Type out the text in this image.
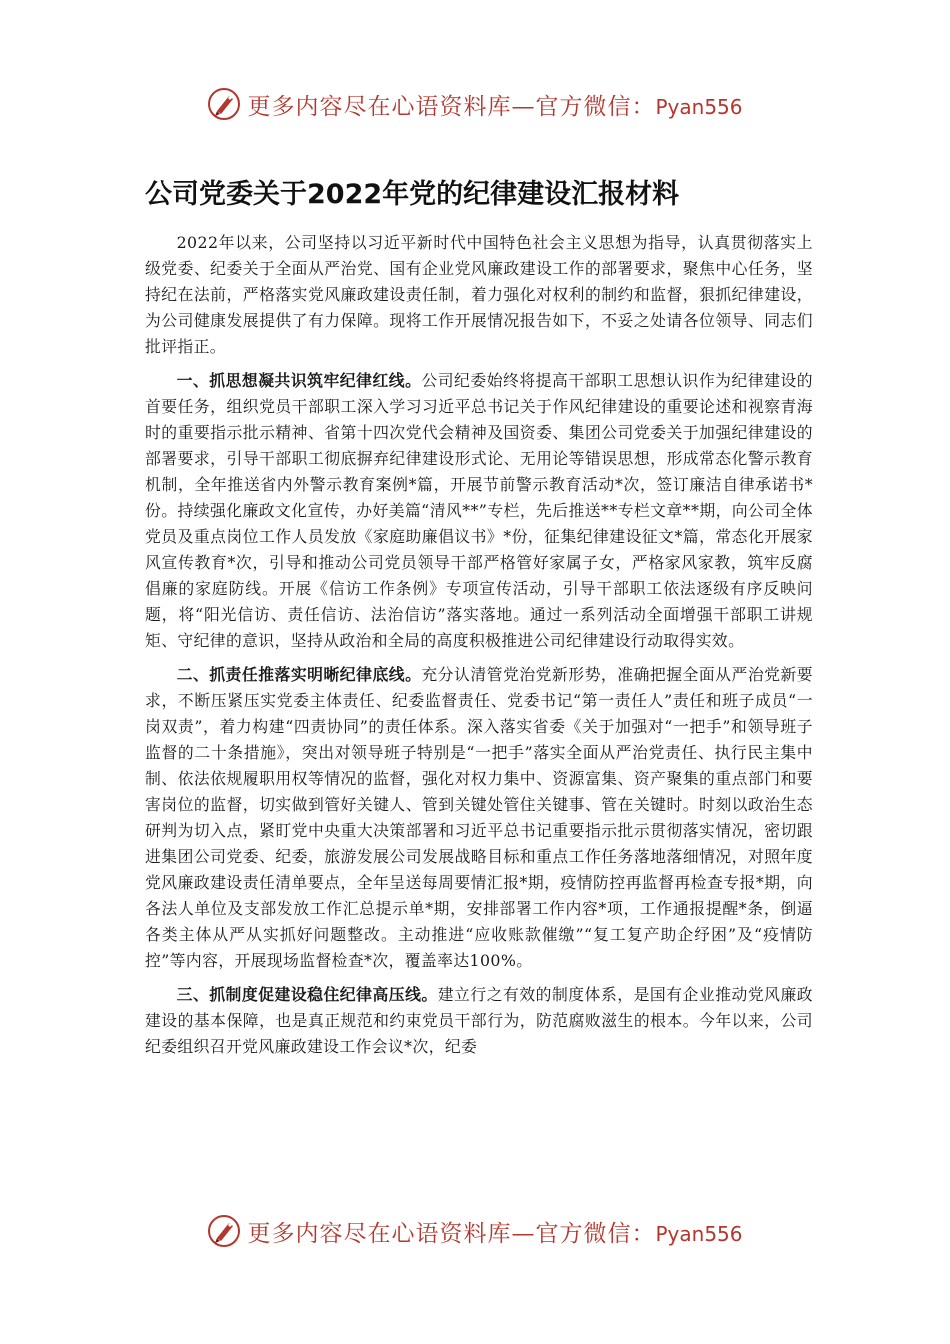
更多内容尽在心语资料库—官方微信：Pyan556
公司党委关于2022年党的纪律建设汇报材料

2022年以来，公司坚持以习近平新时代中国特色社会主义思想为指导，认真贯彻落实上级党委、纪委关于全面从严治党、国有企业党风廉政建设工作的部署要求，聚焦中心任务，坚持纪在法前，严格落实党风廉政建设责任制，着力强化对权利的制约和监督，狠抓纪律建设，为公司健康发展提供了有力保障。现将工作开展情况报告如下，不妥之处请各位领导、同志们批评指正。

一、抓思想凝共识筑牢纪律红线。公司纪委始终将提高干部职工思想认识作为纪律建设的首要任务，组织党员干部职工深入学习习近平总书记关于作风纪律建设的重要论述和视察青海时的重要指示批示精神、省第十四次党代会精神及国资委、集团公司党委关于加强纪律建设的部署要求，引导干部职工彻底摒弃纪律建设形式论、无用论等错误思想，形成常态化警示教育机制，全年推送省内外警示教育案例*篇，开展节前警示教育活动*次，签订廉洁自律承诺书*份。持续强化廉政文化宣传，办好美篇“清风**”专栏，先后推送**专栏文章**期，向公司全体党员及重点岗位工作人员发放《家庭助廉倡议书》*份，征集纪律建设征文*篇，常态化开展家风宣传教育*次，引导和推动公司党员领导干部严格管好家属子女，严格家风家教，筑牢反腐倡廉的家庭防线。开展《信访工作条例》专项宣传活动，引导干部职工依法逐级有序反映问题，将“阳光信访、责任信访、法治信访”落实落地。通过一系列活动全面增强干部职工讲规矩、守纪律的意识，坚持从政治和全局的高度积极推进公司纪律建设行动取得实效。

二、抓责任推落实明晰纪律底线。充分认清管党治党新形势，准确把握全面从严治党新要求，不断压紧压实党委主体责任、纪委监督责任、党委书记“第一责任人”责任和班子成员“一岗双责”，着力构建“四责协同”的责任体系。深入落实省委《关于加强对“一把手”和领导班子监督的二十条措施》，突出对领导班子特别是“一把手”落实全面从严治党责任、执行民主集中制、依法依规履职用权等情况的监督，强化对权力集中、资源富集、资产聚集的重点部门和要害岗位的监督，切实做到管好关键人、管到关键处管住关键事、管在关键时。时刻以政治生态研判为切入点，紧盯党中央重大决策部署和习近平总书记重要指示批示贯彻落实情况，密切跟进集团公司党委、纪委，旅游发展公司发展战略目标和重点工作任务落地落细情况，对照年度党风廉政建设责任清单要点，全年呈送每周要情汇报*期，疫情防控再监督再检查专报*期，向各法人单位及支部发放工作汇总提示单*期，安排部署工作内容*项，工作通报提醒*条，倒逼各类主体从严从实抓好问题整改。主动推进“应收账款催缴”“复工复产助企纾困”及“疫情防控”等内容，开展现场监督检查*次，覆盖率达100%。

三、抓制度促建设稳住纪律高压线。建立行之有效的制度体系，是国有企业推动党风廉政建设的基本保障，也是真正规范和约束党员干部行为，防范腐败滋生的根本。今年以来，公司纪委组织召开党风廉政建设工作会议*次，纪委

更多内容尽在心语资料库—官方微信：Pyan556
